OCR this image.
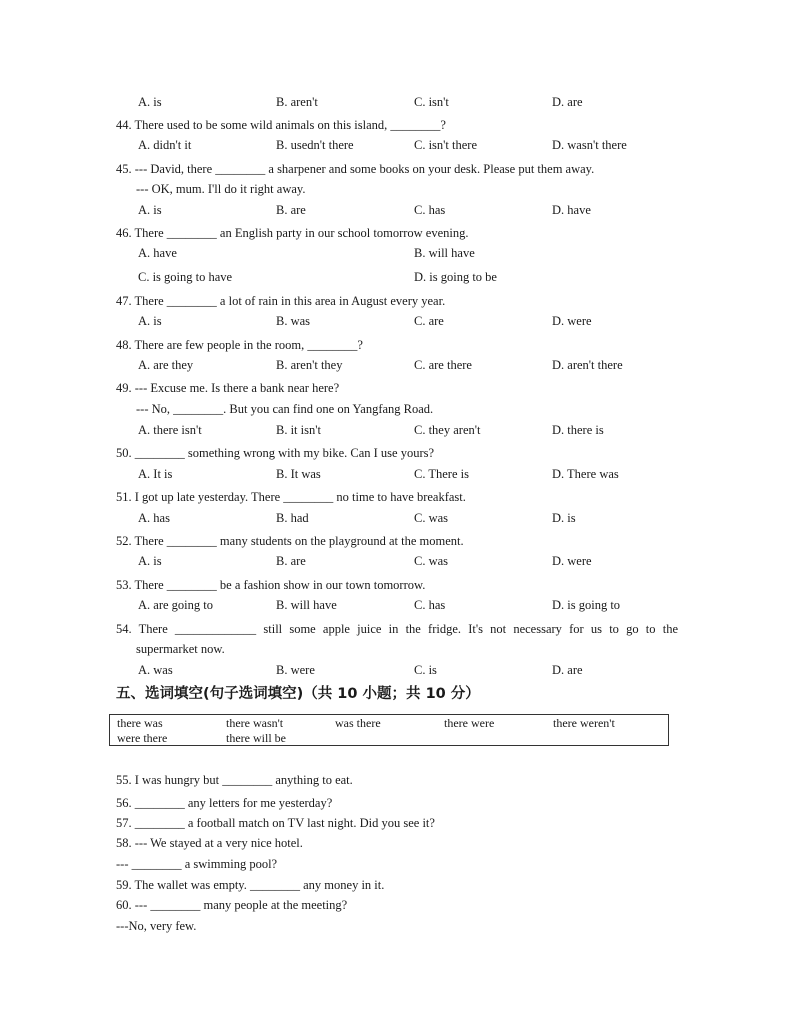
A. is	B. aren't	C. isn't	D. are
44. There used to be some wild animals on this island, ________?
A. didn't it	B. usedn't there	C. isn't there	D. wasn't there
45. --- David, there ________ a sharpener and some books on your desk. Please put them away.
--- OK, mum. I'll do it right away.
A. is	B. are	C. has	D. have
46. There ________ an English party in our school tomorrow evening.
A. have	B. will have
C. is going to have	D. is going to be
47. There ________ a lot of rain in this area in August every year.
A. is	B. was	C. are	D. were
48. There are few people in the room, ________?
A. are they	B. aren't they	C. are there	D. aren't there
49. --- Excuse me. Is there a bank near here?
--- No, ________. But you can find one on Yangfang Road.
A. there isn't	B. it isn't	C. they aren't	D. there is
50. ________ something wrong with my bike. Can I use yours?
A. It is	B. It was	C. There is	D. There was
51. I got up late yesterday. There ________ no time to have breakfast.
A. has	B. had	C. was	D. is
52. There ________ many students on the playground at the moment.
A. is	B. are	C. was	D. were
53. There ________ be a fashion show in our town tomorrow.
A. are going to	B. will have	C. has	D. is going to
54. There _____________ still some apple juice in the fridge. It's not necessary for us to go to the
supermarket now.
A. was	B. were	C. is	D. are
五、选词填空(句子选词填空)（共 10 小题；共 10 分）
there was	there wasn't	was there	there were	there weren't
were there	there will be
55. I was hungry but ________ anything to eat.
56. ________ any letters for me yesterday?
57. ________ a football match on TV last night. Did you see it?
58. --- We stayed at a very nice hotel.
--- ________ a swimming pool?
59. The wallet was empty. ________ any money in it.
60. --- ________ many people at the meeting?
---No, very few.
